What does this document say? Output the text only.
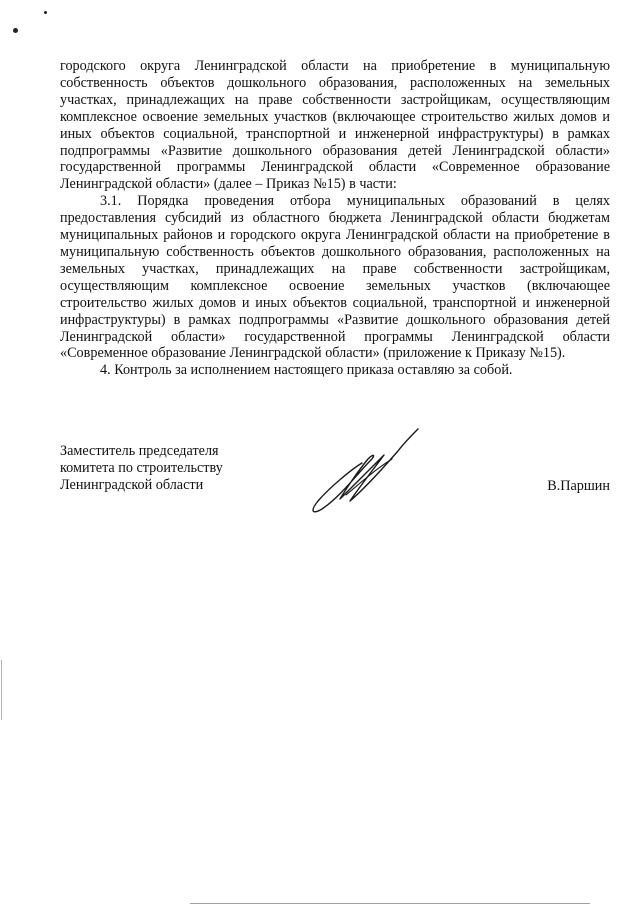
городского округа Ленинградской области на приобретение в муниципальную собственность объектов дошкольного образования, расположенных на земельных участках, принадлежащих на праве собственности застройщикам, осуществляющим комплексное освоение земельных участков (включающее строительство жилых домов и иных объектов социальной, транспортной и инженерной инфраструктуры) в рамках подпрограммы «Развитие дошкольного образования детей Ленинградской области» государственной программы Ленинградской области «Современное образование Ленинградской области» (далее – Приказ №15) в части:

3.1. Порядка проведения отбора муниципальных образований в целях предоставления субсидий из областного бюджета Ленинградской области бюджетам муниципальных районов и городского округа Ленинградской области на приобретение в муниципальную собственность объектов дошкольного образования, расположенных на земельных участках, принадлежащих на праве собственности застройщикам, осуществляющим комплексное освоение земельных участков (включающее строительство жилых домов и иных объектов социальной, транспортной и инженерной инфраструктуры) в рамках подпрограммы «Развитие дошкольного образования детей Ленинградской области» государственной программы Ленинградской области «Современное образование Ленинградской области» (приложение к Приказу №15).

4. Контроль за исполнением настоящего приказа оставляю за собой.

Заместитель председателя
комитета по строительству
Ленинградской области	В.Паршин
